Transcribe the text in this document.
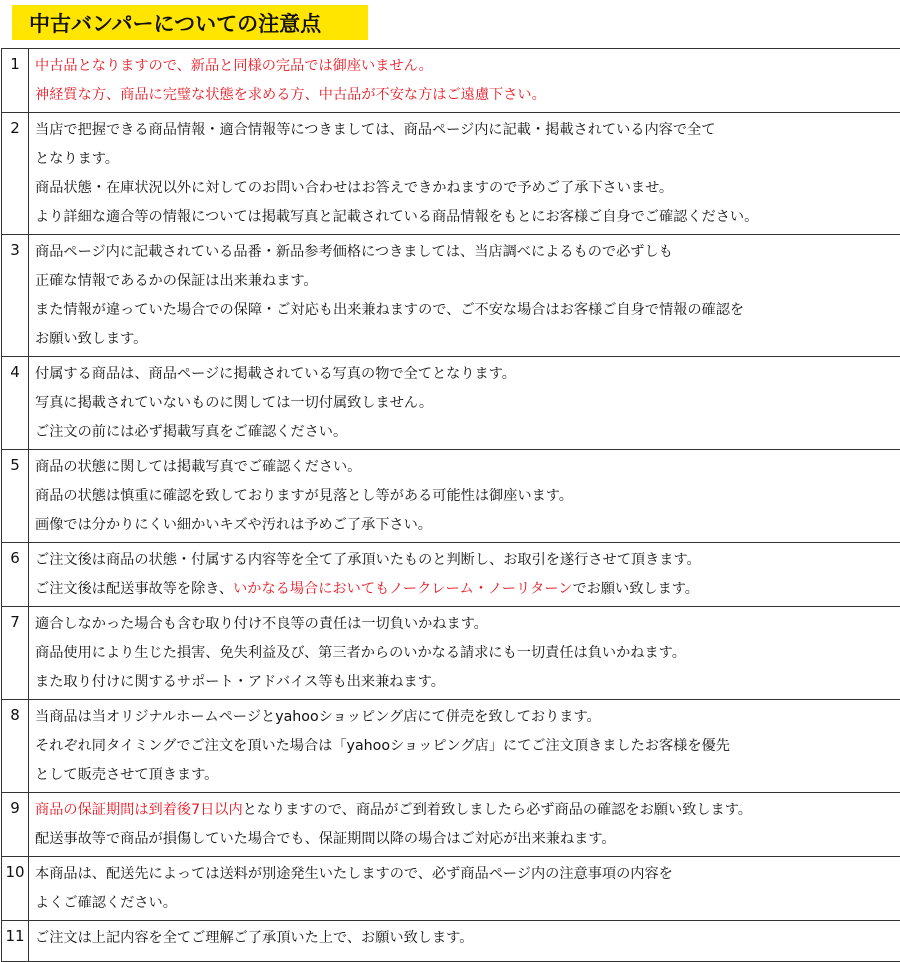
中古バンパーについての注意点
1	中古品となりますので、新品と同様の完品では御座いません。
神経質な方、商品に完璧な状態を求める方、中古品が不安な方はご遠慮下さい。

2	当店で把握できる商品情報・適合情報等につきましては、商品ページ内に記載・掲載されている内容で全て
となります。
商品状態・在庫状況以外に対してのお問い合わせはお答えできかねますので予めご了承下さいませ。
より詳細な適合等の情報については掲載写真と記載されている商品情報をもとにお客様ご自身でご確認ください。

3	商品ページ内に記載されている品番・新品参考価格につきましては、当店調べによるもので必ずしも
正確な情報であるかの保証は出来兼ねます。
また情報が違っていた場合での保障・ご対応も出来兼ねますので、ご不安な場合はお客様ご自身で情報の確認を
お願い致します。

4	付属する商品は、商品ページに掲載されている写真の物で全てとなります。
写真に掲載されていないものに関しては一切付属致しません。
ご注文の前には必ず掲載写真をご確認ください。

5	商品の状態に関しては掲載写真でご確認ください。
商品の状態は慎重に確認を致しておりますが見落とし等がある可能性は御座います。
画像では分かりにくい細かいキズや汚れは予めご了承下さい。

6	ご注文後は商品の状態・付属する内容等を全て了承頂いたものと判断し、お取引を遂行させて頂きます。
ご注文後は配送事故等を除き、いかなる場合においてもノークレーム・ノーリターンでお願い致します。

7	適合しなかった場合も含む取り付け不良等の責任は一切負いかねます。
商品使用により生じた損害、免失利益及び、第三者からのいかなる請求にも一切責任は負いかねます。
また取り付けに関するサポート・アドバイス等も出来兼ねます。

8	当商品は当オリジナルホームページとyahooショッピング店にて併売を致しております。
それぞれ同タイミングでご注文を頂いた場合は「yahooショッピング店」にてご注文頂きましたお客様を優先
として販売させて頂きます。

9	商品の保証期間は到着後7日以内となりますので、商品がご到着致しましたら必ず商品の確認をお願い致します。
配送事故等で商品が損傷していた場合でも、保証期間以降の場合はご対応が出来兼ねます。

10	本商品は、配送先によっては送料が別途発生いたしますので、必ず商品ページ内の注意事項の内容を
よくご確認ください。

11	ご注文は上記内容を全てご理解ご了承頂いた上で、お願い致します。
